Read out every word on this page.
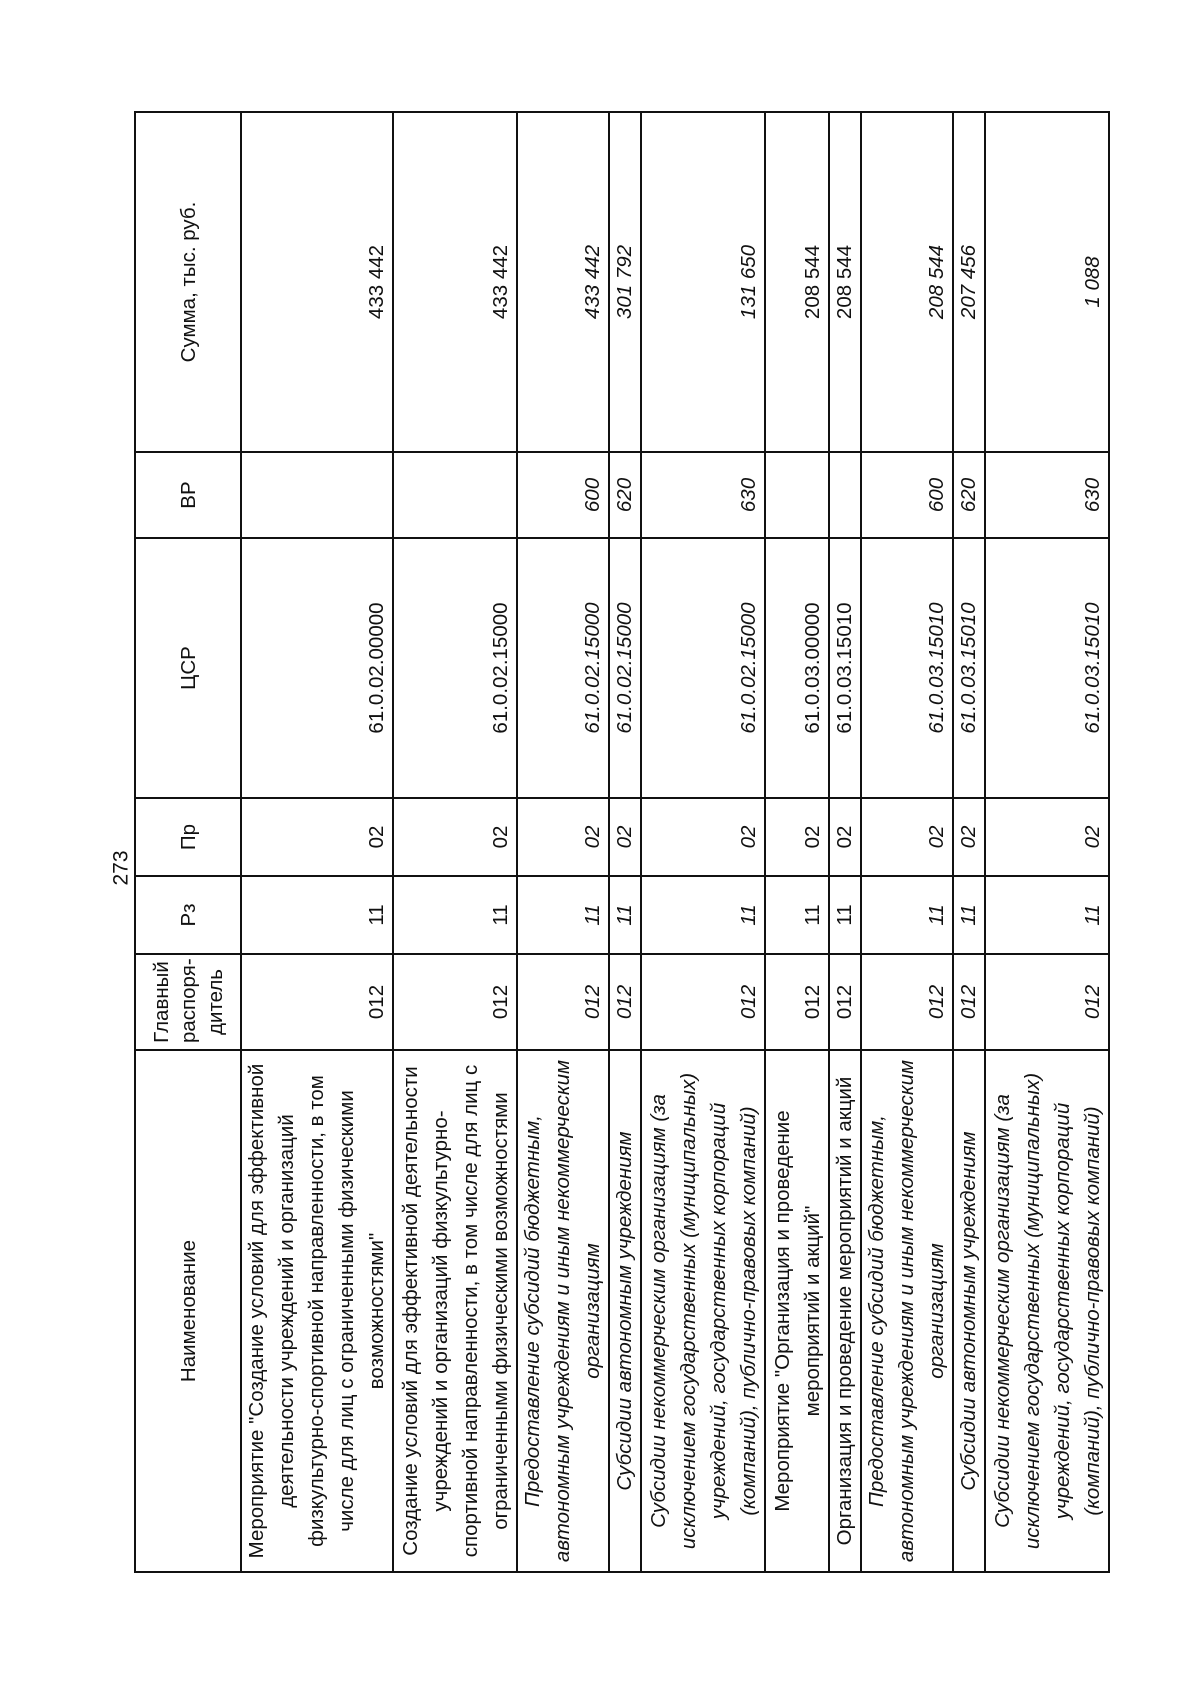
273
Наименование	Главный распоря-дитель	Рз	Пр	ЦСР	ВР	Сумма, тыс. руб.
Мероприятие "Создание условий для эффективной деятельности учреждений и организаций физкультурно-спортивной направленности, в том числе для лиц с ограниченными физическими возможностями"	012	11	02	61.0.02.00000		433 442
Создание условий для эффективной деятельности учреждений и организаций физкультурно-спортивной направленности, в том числе для лиц с ограниченными физическими возможностями	012	11	02	61.0.02.15000		433 442
Предоставление субсидий бюджетным, автономным учреждениям и иным некоммерческим организациям	012	11	02	61.0.02.15000	600	433 442
Субсидии автономным учреждениям	012	11	02	61.0.02.15000	620	301 792
Субсидии некоммерческим организациям (за исключением государственных (муниципальных) учреждений, государственных корпораций (компаний), публично-правовых компаний)	012	11	02	61.0.02.15000	630	131 650
Мероприятие "Организация и проведение мероприятий и акций"	012	11	02	61.0.03.00000		208 544
Организация и проведение мероприятий и акций	012	11	02	61.0.03.15010		208 544
Предоставление субсидий бюджетным, автономным учреждениям и иным некоммерческим организациям	012	11	02	61.0.03.15010	600	208 544
Субсидии автономным учреждениям	012	11	02	61.0.03.15010	620	207 456
Субсидии некоммерческим организациям (за исключением государственных (муниципальных) учреждений, государственных корпораций (компаний), публично-правовых компаний)	012	11	02	61.0.03.15010	630	1 088
